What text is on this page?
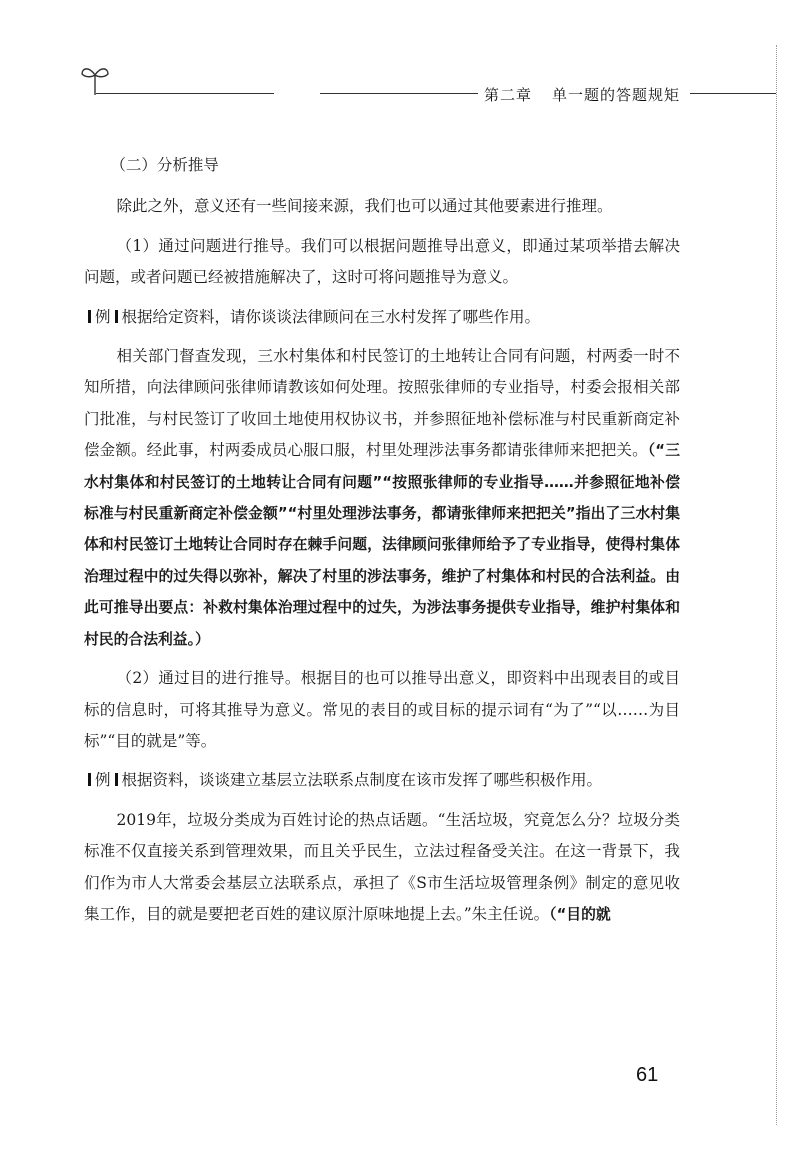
第二章 单一题的答题规矩

（二）分析推导

除此之外，意义还有一些间接来源，我们也可以通过其他要素进行推理。

（1）通过问题进行推导。我们可以根据问题推导出意义，即通过某项举措去解决问题，或者问题已经被措施解决了，这时可将问题推导为意义。

例 根据给定资料，请你谈谈法律顾问在三水村发挥了哪些作用。

相关部门督查发现，三水村集体和村民签订的土地转让合同有问题，村两委一时不知所措，向法律顾问张律师请教该如何处理。按照张律师的专业指导，村委会报相关部门批准，与村民签订了收回土地使用权协议书，并参照征地补偿标准与村民重新商定补偿金额。经此事，村两委成员心服口服，村里处理涉法事务都请张律师来把把关。（“三水村集体和村民签订的土地转让合同有问题”“按照张律师的专业指导……并参照征地补偿标准与村民重新商定补偿金额”“村里处理涉法事务，都请张律师来把把关”指出了三水村集体和村民签订土地转让合同时存在棘手问题，法律顾问张律师给予了专业指导，使得村集体治理过程中的过失得以弥补，解决了村里的涉法事务，维护了村集体和村民的合法利益。由此可推导出要点：补救村集体治理过程中的过失，为涉法事务提供专业指导，维护村集体和村民的合法利益。）

（2）通过目的进行推导。根据目的也可以推导出意义，即资料中出现表目的或目标的信息时，可将其推导为意义。常见的表目的或目标的提示词有“为了”“以……为目标”“目的就是”等。

例 根据资料，谈谈建立基层立法联系点制度在该市发挥了哪些积极作用。

2019年，垃圾分类成为百姓讨论的热点话题。“生活垃圾，究竟怎么分？垃圾分类标准不仅直接关系到管理效果，而且关乎民生，立法过程备受关注。在这一背景下，我们作为市人大常委会基层立法联系点，承担了《S市生活垃圾管理条例》制定的意见收集工作，目的就是要把老百姓的建议原汁原味地提上去。”朱主任说。（“目的就

61
